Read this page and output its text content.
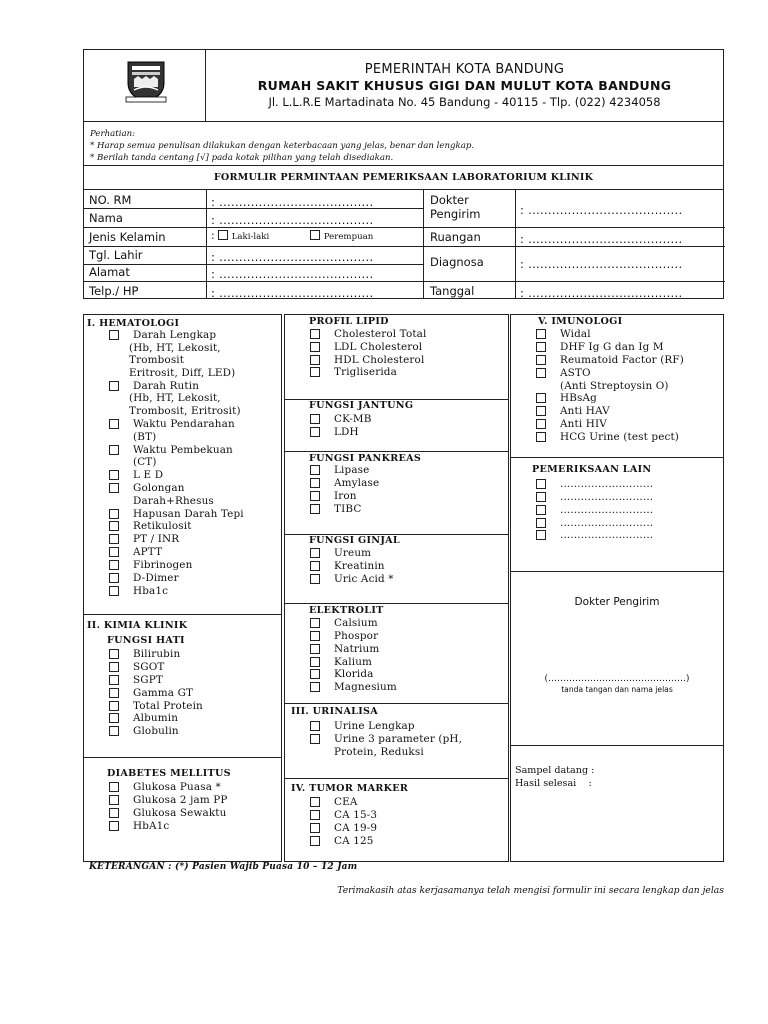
PEMERINTAH KOTA BANDUNG
RUMAH SAKIT KHUSUS GIGI DAN MULUT KOTA BANDUNG
Jl. L.L.R.E Martadinata No. 45 Bandung - 40115 - Tlp. (022) 4234058
Perhatian:
* Harap semua penulisan dilakukan dengan keterbacaan yang jelas, benar dan lengkap.
* Berilah tanda centang [√] pada kotak pilihan yang telah disediakan.
FORMULIR PERMINTAAN PEMERIKSAAN LABORATORIUM KLINIK
NO. RM
Nama
Jenis Kelamin
Tgl. Lahir
Alamat
Telp./ HP
: .......................................
: .......................................
: Laki-laki	Perempuan
: .......................................
: .......................................
: .......................................
Dokter
Pengirim
Ruangan
Diagnosa
Tanggal
: .......................................
: .......................................
: .......................................
: .......................................
I. HEMATOLOGI
Darah Lengkap
(Hb, HT, Lekosit,
Trombosit
Eritrosit, Diff, LED)
Darah Rutin
(Hb, HT, Lekosit,
Trombosit, Eritrosit)
Waktu Pendarahan
(BT)
Waktu Pembekuan
(CT)
L E D
Golongan
Darah+Rhesus
Hapusan Darah Tepi
Retikulosit
PT / INR
APTT
Fibrinogen
D-Dimer
Hba1c
II. KIMIA KLINIK
FUNGSI HATI
Bilirubin
SGOT
SGPT
Gamma GT
Total Protein
Albumin
Globulin
DIABETES MELLITUS
Glukosa Puasa *
Glukosa 2 jam PP
Glukosa Sewaktu
HbA1c
PROFIL LIPID
Cholesterol Total
LDL Cholesterol
HDL Cholesterol
Trigliserida
FUNGSI JANTUNG
CK-MB
LDH
FUNGSI PANKREAS
Lipase
Amylase
Iron
TIBC
FUNGSI GINJAL
Ureum
Kreatinin
Uric Acid *
ELEKTROLIT
Calsium
Phospor
Natrium
Kalium
Klorida
Magnesium
III. URINALISA
Urine Lengkap
Urine 3 parameter (pH,
Protein, Reduksi
IV. TUMOR MARKER
CEA
CA 15-3
CA 19-9
CA 125
V. IMUNOLOGI
Widal
DHF Ig G dan Ig M
Reumatoid Factor (RF)
ASTO
(Anti Streptoysin O)
HBsAg
Anti HAV
Anti HIV
HCG Urine (test pect)
PEMERIKSAAN LAIN
...........................
...........................
...........................
...........................
...........................
Dokter Pengirim
(……………………………………….)
tanda tangan dan nama jelas
Sampel datang :
Hasil selesai    :
KETERANGAN : (*) Pasien Wajib Puasa 10 – 12 Jam
Terimakasih atas kerjasamanya telah mengisi formulir ini secara lengkap dan jelas
